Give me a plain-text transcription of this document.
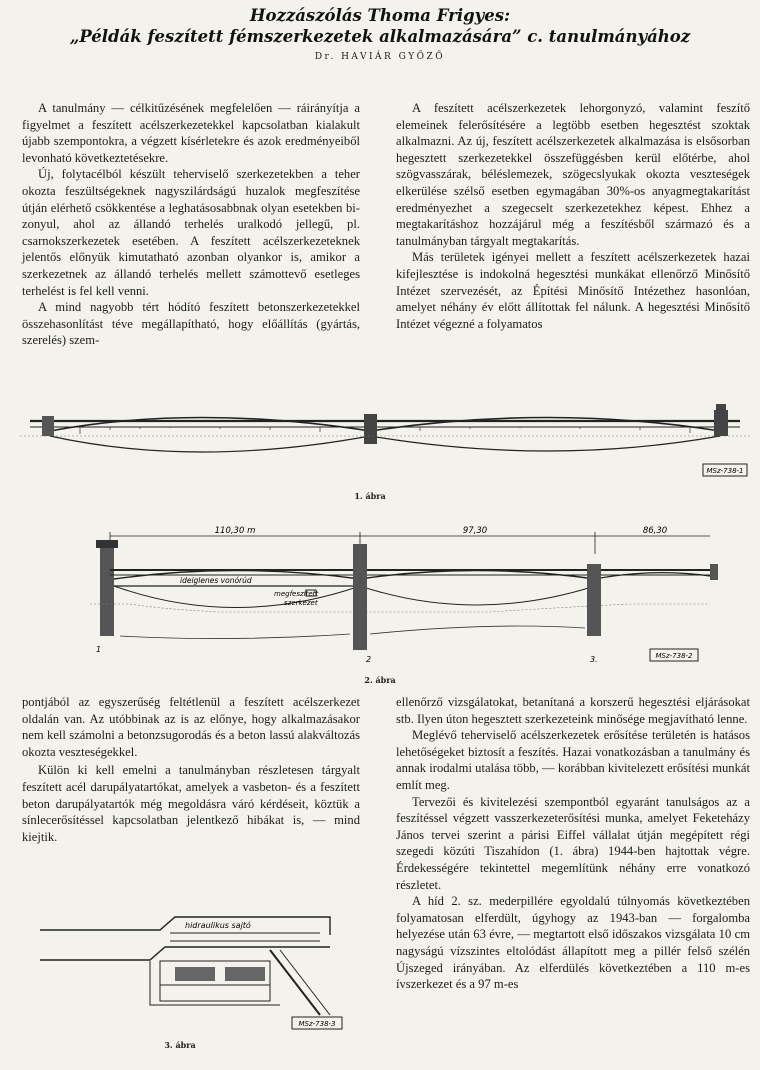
Hozzászólás Thoma Frigyes:
„Példák feszített fémszerkezetek alkalmazására” c. tanulmányához
Dr. HAVIÁR GYŐZŐ

A tanulmány — célkitűzésének megfelelően — ráirányítja a figyelmet a feszített acélszerkezetekkel kapcsolatban kialakult újabb szempontokra, a végzett kísérletekre és azok eredményeiből levonható következtetésekre.

Új, folytacélból készült teherviselő szerkezetekben a teher okozta feszültségeknek nagyszilárdságú huzalok megfeszítése útján elérhető csökkentése a leghatásosabbnak olyan esetekben bizonyul, ahol az állandó terhelés uralkodó jellegű, pl. csarnokszerkezetek esetében. A feszített acélszerkezeteknek jelentős előnyük kimutatható azonban olyankor is, amikor a szerkezetnek az állandó terhelés mellett számottevő esetleges terhelést is fel kell venni.

A mind nagyobb tért hódító feszített betonszerkezetekkel összehasonlítást téve megállapítható, hogy előállítás (gyártás, szerelés) szem-

A feszített acélszerkezetek lehorgonyzó, valamint feszítő elemeinek felerősítésére a legtöbb esetben hegesztést szoktak alkalmazni. Az új, feszített acélszerkezetek alkalmazása is elsősorban hegesztett szerkezetekkel összefüggésben kerül előtérbe, ahol szögvasszárak, béléslemezek, szögecslyukak okozta veszteségek elkerülése szélső esetben egymagában 30%-os anyagmegtakarítást eredményezhet a szegecselt szerkezetekhez képest. Ehhez a megtakarításhoz hozzájárul még a feszítésből származó és a tanulmányban tárgyalt megtakarítás.

Más területek igényei mellett a feszített acélszerkezetek hazai kifejlesztése is indokolná hegesztési munkákat ellenőrző Minősítő Intézet szervezését, az Építési Minősítő Intézethez hasonlóan, amelyet néhány év előtt állítottak fel nálunk. A hegesztési Minősítő Intézet végezné a folyamatos

MSz-738-1
1. ábra
110,30 m	97,30	86,30
ideiglenes vonórúd
megfeszített
szerkezet
1
2	3.	MSz-738-2
2. ábra

pontjából az egyszerűség feltétlenül a feszített acélszerkezet oldalán van. Az utóbbinak az is az előnye, hogy alkalmazásakor nem kell számolni a betonzsugorodás és a beton lassú alakváltozás okozta veszteségekkel.

Külön ki kell emelni a tanulmányban részletesen tárgyalt feszített acél darupályatartókat, amelyek a vasbeton- és a feszített beton darupályatartók még megoldásra váró kérdéseit, köztük a sínlecerősítéssel kapcsolatban jelentkező hibákat is, — mind kiejtik.

hidraulikus sajtó
MSz-738-3
3. ábra

ellenőrző vizsgálatokat, betanítaná a korszerű hegesztési eljárásokat stb. Ilyen úton hegesztett szerkezeteink minősége megjavítható lenne.

Meglévő teherviselő acélszerkezetek erősítése területén is hatásos lehetőségeket biztosít a feszítés. Hazai vonatkozásban a tanulmány és annak irodalmi utalása több, — korábban kivitelezett erősítési munkát említ meg.

Tervezői és kivitelezési szempontból egyaránt tanulságos az a feszítéssel végzett vasszerkezeterősítési munka, amelyet Feketeházy János tervei szerint a párisi Eiffel vállalat útján megépített régi szegedi közúti Tiszahídon (1. ábra) 1944-ben hajtottak végre. Érdekességére tekintettel megemlítünk néhány erre vonatkozó részletet.

A híd 2. sz. mederpillére egyoldalú túlnyomás következtében folyamatosan elferdült, úgyhogy az 1943-ban — forgalomba helyezése után 63 évre, — megtartott első időszakos vizsgálata 10 cm nagyságú vízszintes eltolódást állapított meg a pillér felső szélén Újszeged irányában. Az elferdülés következtében a 110 m-es ívszerkezet és a 97 m-es
